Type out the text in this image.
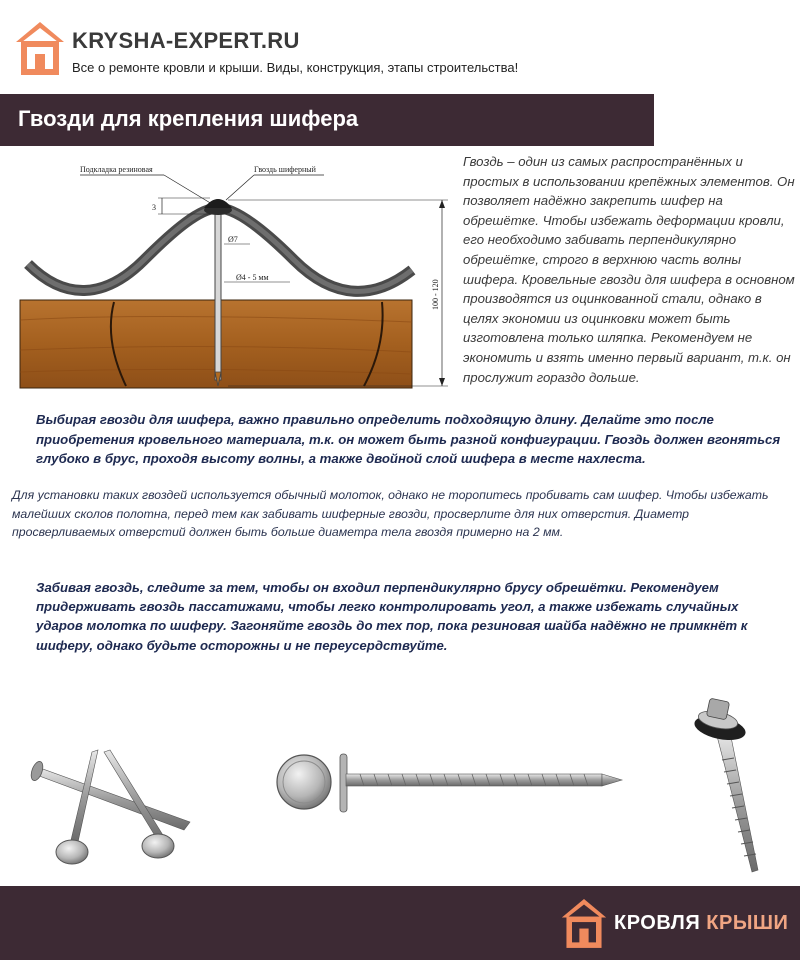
KRYSHA-EXPERT.RU
Все о ремонте кровли и крыши. Виды, конструкция, этапы строительства!
Гвозди для крепления шифера
Подкладка резиновая	Гвоздь шиферный
3
Ø7
Ø4 - 5 мм
100 - 120
Гвоздь – один из самых распространённых и простых в использовании крепёжных элементов. Он позволяет надёжно закрепить шифер на обрешётке. Чтобы избежать деформации кровли, его необходимо забивать перпендикулярно обрешётке, строго в верхнюю часть волны шифера. Кровельные гвозди для шифера в основном производятся из оцинкованной стали, однако в целях экономии из оцинковки может быть изготовлена только шляпка. Рекомендуем не экономить и взять именно первый вариант, т.к. он прослужит гораздо дольше.
Выбирая гвозди для шифера, важно правильно определить подходящую длину. Делайте это после приобретения кровельного материала, т.к. он может быть разной конфигурации. Гвоздь должен вгоняться глубоко в брус, проходя высоту волны, а также двойной слой шифера в месте нахлеста.
Для установки таких гвоздей используется обычный молоток, однако не торопитесь пробивать сам шифер. Чтобы избежать малейших сколов полотна, перед тем как забивать шиферные гвозди, просверлите для них отверстия. Диаметр просверливаемых отверстий должен быть больше диаметра тела гвоздя примерно на 2 мм.
Забивая гвоздь, следите за тем, чтобы он входил перпендикулярно брусу обрешётки. Рекомендуем придерживать гвоздь пассатижами, чтобы легко контролировать угол, а также избежать случайных ударов молотка по шиферу. Загоняйте гвоздь до тех пор, пока резиновая шайба надёжно не примкнёт к шиферу, однако будьте осторожны и не переусердствуйте.
КРОВЛЯ КРЫШИ
